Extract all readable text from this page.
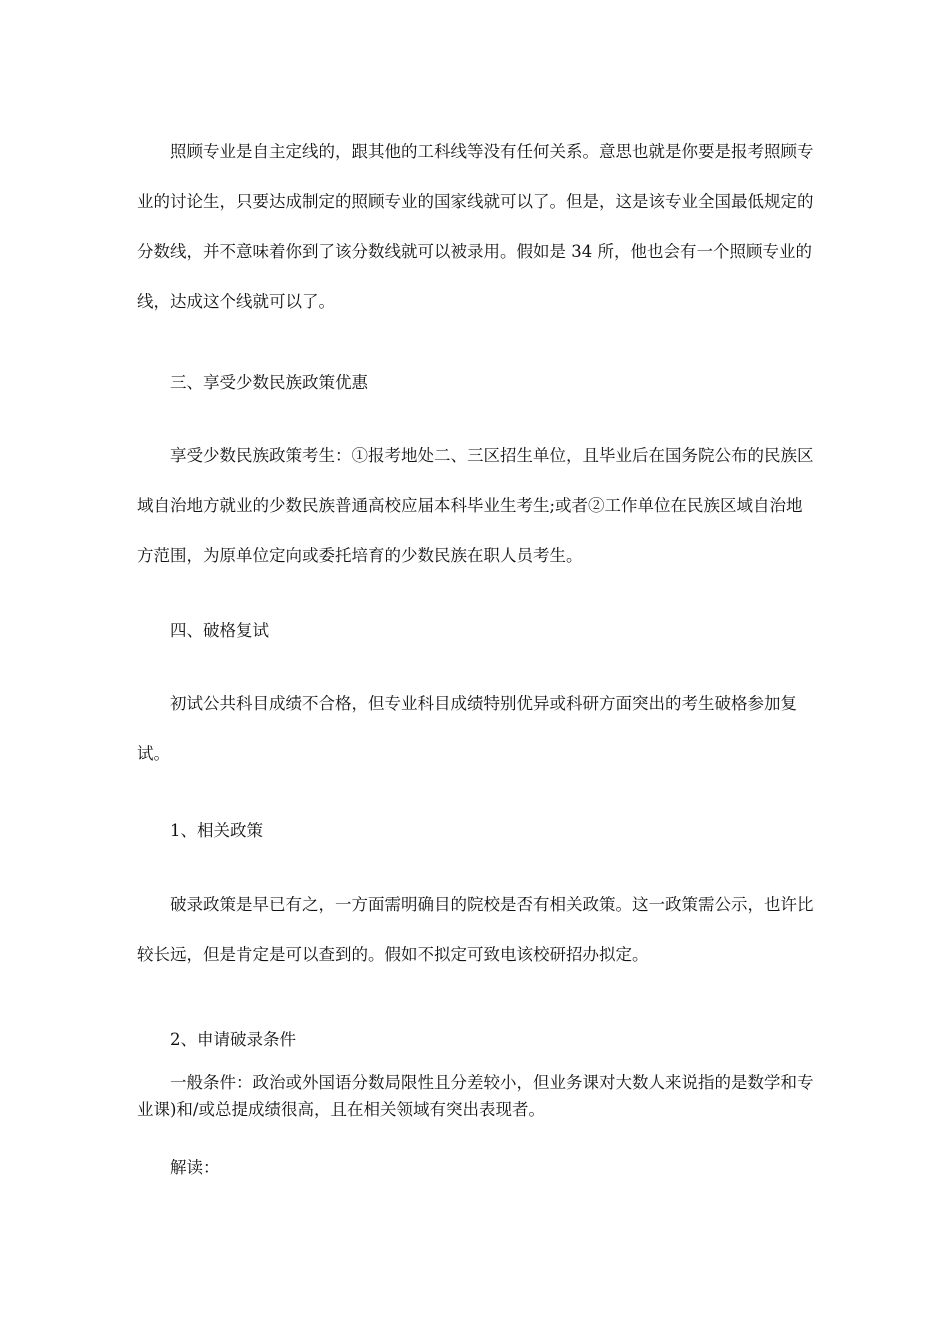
照顾专业是自主定线的，跟其他的工科线等没有任何关系。意思也就是你要是报考照顾专业的讨论生，只要达成制定的照顾专业的国家线就可以了。但是，这是该专业全国最低规定的分数线，并不意味着你到了该分数线就可以被录用。假如是 34 所，他也会有一个照顾专业的线，达成这个线就可以了。

三、享受少数民族政策优惠

享受少数民族政策考生：①报考地处二、三区招生单位，且毕业后在国务院公布的民族区域自治地方就业的少数民族普通高校应届本科毕业生考生;或者②工作单位在民族区域自治地方范围，为原单位定向或委托培育的少数民族在职人员考生。

四、破格复试

初试公共科目成绩不合格，但专业科目成绩特别优异或科研方面突出的考生破格参加复试。

1、相关政策

破录政策是早已有之，一方面需明确目的院校是否有相关政策。这一政策需公示，也许比较长远，但是肯定是可以查到的。假如不拟定可致电该校研招办拟定。

2、申请破录条件

一般条件：政治或外国语分数局限性且分差较小，但业务课对大数人来说指的是数学和专业课)和/或总提成绩很高，且在相关领域有突出表现者。

解读：
